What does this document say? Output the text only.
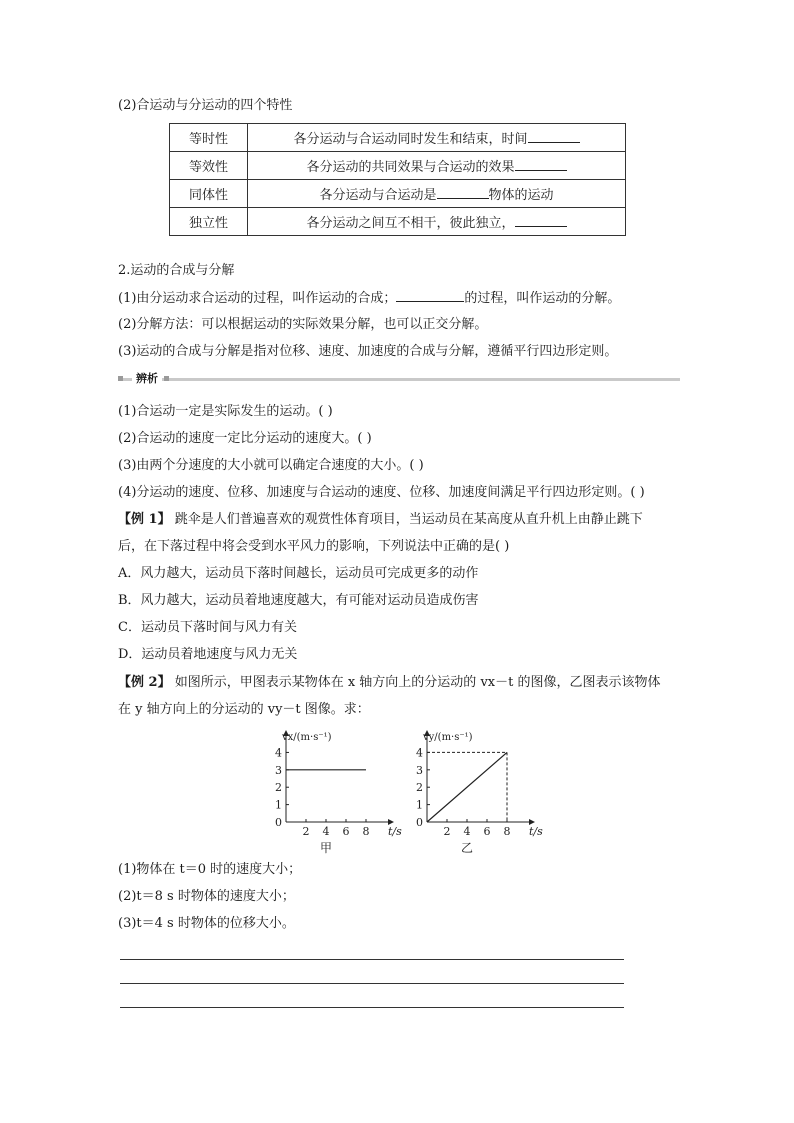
(2)合运动与分运动的四个特性
等时性	各分运动与合运动同时发生和结束，时间
等效性	各分运动的共同效果与合运动的效果
同体性	各分运动与合运动是 物体的运动
独立性	各分运动之间互不相干，彼此独立，
2.运动的合成与分解
(1)由分运动求合运动的过程，叫作运动的合成；	的过程，叫作运动的分解。
(2)分解方法：可以根据运动的实际效果分解，也可以正交分解。
(3)运动的合成与分解是指对位移、速度、加速度的合成与分解，遵循平行四边形定则。
辨析
(1)合运动一定是实际发生的运动。( )
(2)合运动的速度一定比分运动的速度大。( )
(3)由两个分速度的大小就可以确定合速度的大小。( )
(4)分运动的速度、位移、加速度与合运动的速度、位移、加速度间满足平行四边形定则。( )
【例 1】 跳伞是人们普遍喜欢的观赏性体育项目，当运动员在某高度从直升机上由静止跳下
后，在下落过程中将会受到水平风力的影响，下列说法中正确的是( )
A．风力越大，运动员下落时间越长，运动员可完成更多的动作
B．风力越大，运动员着地速度越大，有可能对运动员造成伤害
C．运动员下落时间与风力有关
D．运动员着地速度与风力无关
【例 2】 如图所示，甲图表示某物体在 x 轴方向上的分运动的 vx－t 的图像，乙图表示该物体
在 y 轴方向上的分运动的 vy－t 图像。求：
0
1
2
3
4
2 4 6 8
vx/(m·s⁻¹)
t/s
甲
0
1
2
3
4
2 4 6 8
vy/(m·s⁻¹)
t/s
乙
(1)物体在 t＝0 时的速度大小；
(2)t＝8 s 时物体的速度大小；
(3)t＝4 s 时物体的位移大小。
